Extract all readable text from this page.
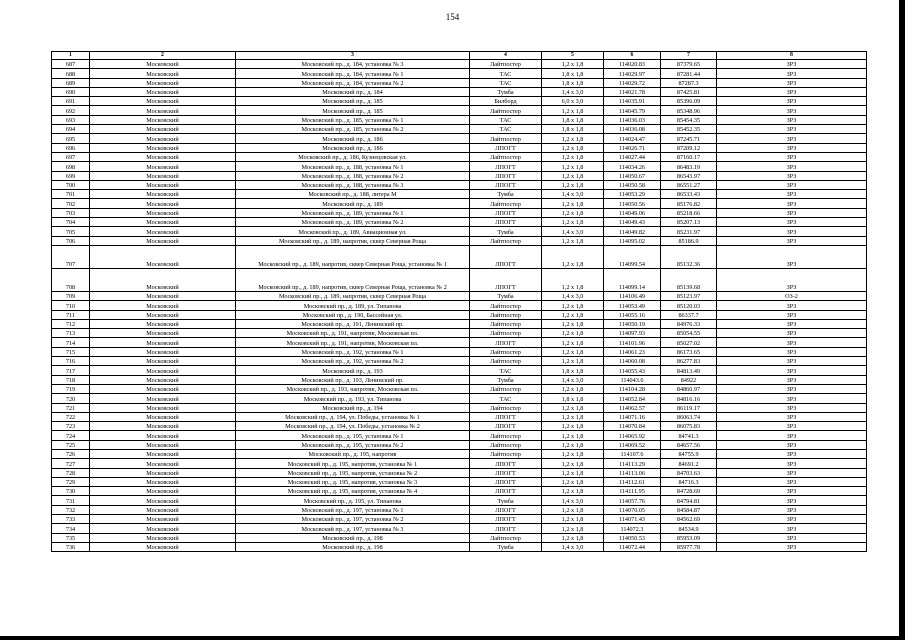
154
1	2	3	4	5	6	7	8
687	Московский	Московский пр., д. 184, установка № 3	Лайтпостер	1,2 х 1,8	114020.83	87379.65	ЗРЗ
688	Московский	Московский пр., д. 184, установка № 1	ТАС	1,8 х 1,8	114029.97	87281.44	ЗРЗ
689	Московский	Московский пр., д. 184, установка № 2	ТАС	1,8 х 1,8	114029.72	87287.3	ЗРЗ
690	Московский	Московский пр., д. 184	Тумба	1,4 х 3,0	114021.78	87425.81	ЗРЗ
691	Московский	Московский пр., д. 185	Билборд	6,0 х 3,0	114035.91	85396.09	ЗРЗ
692	Московский	Московский пр., д. 185	Лайтпостер	1,2 х 1,8	114045.79	85348.96	ЗРЗ
693	Московский	Московский пр., д. 185, установка № 1	ТАС	1,8 х 1,8	114036.03	85454.35	ЗРЗ
694	Московский	Московский пр., д. 185, установка № 2	ТАС	1,8 х 1,8	114036.08	85452.35	ЗРЗ
695	Московский	Московский пр., д. 186	Лайтпостер	1,2 х 1,8	114024.47	87245.71	ЗРЗ
696	Московский	Московский пр., д. 186	ЛПОГТ	1,2 х 1,8	114026.71	87209.12	ЗРЗ
697	Московский	Московский пр., д. 186, Кузнецовская ул.	Лайтпостер	1,2 х 1,8	114027.44	87160.17	ЗРЗ
698	Московский	Московский пр., д. 188, установка № 1	ЛПОГТ	1,2 х 1,8	114034.26	86483.19	ЗРЗ
699	Московский	Московский пр., д. 188, установка № 2	ЛПОГТ	1,2 х 1,8	114050.67	86543.97	ЗРЗ
700	Московский	Московский пр., д. 188, установка № 3	ЛПОГТ	1,2 х 1,8	114050.58	86551.27	ЗРЗ
701	Московский	Московский пр., д. 188, литера М	Тумба	1,4 х 3,0	114053.29	86533.43	ЗРЗ
702	Московский	Московский пр., д. 189	Лайтпостер	1,2 х 1,8	114050.56	85176.82	ЗРЗ
703	Московский	Московский пр., д. 189, установка № 1	ЛПОГТ	1,2 х 1,8	114049.06	85218.66	ЗРЗ
704	Московский	Московский пр., д. 189, установка № 2	ЛПОГТ	1,2 х 1,8	114049.43	85207.13	ЗРЗ
705	Московский	Московский пр., д. 189, Авиационная ул.	Тумба	1,4 х 3,0	114049.82	85231.97	ЗРЗ
706	Московский	Московский пр., д. 189, напротив, сквер Северная Роща	Лайтпостер	1,2 х 1,8	114095.02	85186.9	ЗРЗ
707	Московский	Московский пр., д. 189, напротив, сквер Северная Роща, установка № 1	ЛПОГТ	1,2 х 1,8	114099.54	85132.36	ЗРЗ
708	Московский	Московский пр., д. 189, напротив, сквер Северная Роща, установка № 2	ЛПОГТ	1,2 х 1,8	114099.14	85139.68	ЗРЗ
709	Московский	Московский пр., д. 189, напротив, сквер Северная Роща	Тумба	1,4 х 3,0	114106.49	85123.97	ОЗ-2
710	Московский	Московский пр., д. 189, ул. Типанова	Лайтпостер	1,2 х 1,8	114053.49	85120.03	ЗРЗ
711	Московский	Московский пр., д. 190, Бассейная ул.	Лайтпостер	1,2 х 1,8	114055.16	86337.7	ЗРЗ
712	Московский	Московский пр., д. 191, Ленинский пр.	Лайтпостер	1,2 х 1,8	114050.19	84976.33	ЗРЗ
713	Московский	Московский пр., д. 191, напротив, Московская пл.	Лайтпостер	1,2 х 1,8	114097.93	85054.55	ЗРЗ
714	Московский	Московский пр., д. 191, напротив, Московская пл.	ЛПОГТ	1,2 х 1,8	114101.96	85027.02	ЗРЗ
715	Московский	Московский пр., д. 192, установка № 1	Лайтпостер	1,2 х 1,8	114061.23	86173.65	ЗРЗ
716	Московский	Московский пр., д. 192, установка № 2	Лайтпостер	1,2 х 1,8	114060.08	86277.83	ЗРЗ
717	Московский	Московский пр., д. 193	ТАС	1,8 х 1,8	114055.43	84813.49	ЗРЗ
718	Московский	Московский пр., д. 193, Ленинский пр.	Тумба	1,4 х 3,0	114043.6	84922	ЗРЗ
719	Московский	Московский пр., д. 193, напротив, Московская пл.	Лайтпостер	1,2 х 1,8	114104.28	84860.97	ЗРЗ
720	Московский	Московский пр., д. 193, ул. Типанова	ТАС	1,8 х 1,8	114052.84	84816.16	ЗРЗ
721	Московский	Московский пр., д. 194	Лайтпостер	1,2 х 1,8	114062.57	86119.17	ЗРЗ
722	Московский	Московский пр., д. 194, ул. Победы, установка № 1	ЛПОГТ	1,2 х 1,8	114071.16	86063.74	ЗРЗ
723	Московский	Московский пр., д. 194, ул. Победы, установка № 2	ЛПОГТ	1,2 х 1,8	114070.84	86075.83	ЗРЗ
724	Московский	Московский пр., д. 195, установка № 1	Лайтпостер	1,2 х 1,8	114065.92	84741.3	ЗРЗ
725	Московский	Московский пр., д. 195, установка № 2	Лайтпостер	1,2 х 1,8	114069.52	84657.56	ЗРЗ
726	Московский	Московский пр., д. 195, напротив	Лайтпостер	1,2 х 1,8	114107.6	84755.9	ЗРЗ
727	Московский	Московский пр., д. 195, напротив, установка № 1	ЛПОГТ	1,2 х 1,8	114113.29	84691.2	ЗРЗ
728	Московский	Московский пр., д. 195, напротив, установка № 2	ЛПОГТ	1,2 х 1,8	114113.06	84703.63	ЗРЗ
729	Московский	Московский пр., д. 195, напротив, установка № 3	ЛПОГТ	1,2 х 1,8	114112.61	84716.3	ЗРЗ
730	Московский	Московский пр., д. 195, напротив, установка № 4	ЛПОГТ	1,2 х 1,8	114111.95	84728.69	ЗРЗ
731	Московский	Московский пр., д. 195, ул. Типанова	Тумба	1,4 х 3,0	114057.76	84794.81	ЗРЗ
732	Московский	Московский пр., д. 197, установка № 1	ЛПОГТ	1,2 х 1,8	114070.05	84584.87	ЗРЗ
733	Московский	Московский пр., д. 197, установка № 2	ЛПОГТ	1,2 х 1,8	114071.43	84562.69	ЗРЗ
734	Московский	Московский пр., д. 197, установка № 3	ЛПОГТ	1,2 х 1,8	114072.3	84534.9	ЗРЗ
735	Московский	Московский пр., д. 198	Лайтпостер	1,2 х 1,8	114050.53	85953.09	ЗРЗ
736	Московский	Московский пр., д. 198	Тумба	1,4 х 3,0	114072.44	85977.78	ЗРЗ
